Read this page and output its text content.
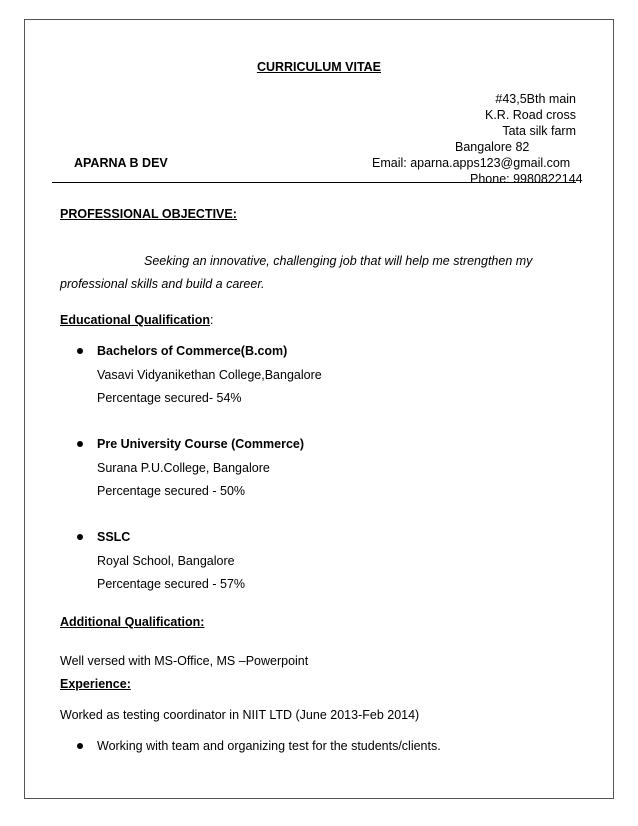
CURRICULUM VITAE
#43,5Bth main
K.R. Road cross
Tata silk farm
Bangalore 82
APARNA B DEV	Email: aparna.apps123@gmail.com
Phone: 9980822144
PROFESSIONAL OBJECTIVE:
Seeking an innovative, challenging job that will help me strengthen my
professional skills and build a career.
Educational Qualification:
Bachelors of Commerce(B.com)
Vasavi Vidyanikethan College,Bangalore
Percentage secured- 54%
Pre University Course (Commerce)
Surana P.U.College, Bangalore
Percentage secured - 50%
SSLC
Royal School, Bangalore
Percentage secured - 57%
Additional Qualification:
Well versed with MS-Office, MS –Powerpoint
Experience:
Worked as testing coordinator in NIIT LTD (June 2013-Feb 2014)
Working with team and organizing test for the students/clients.
